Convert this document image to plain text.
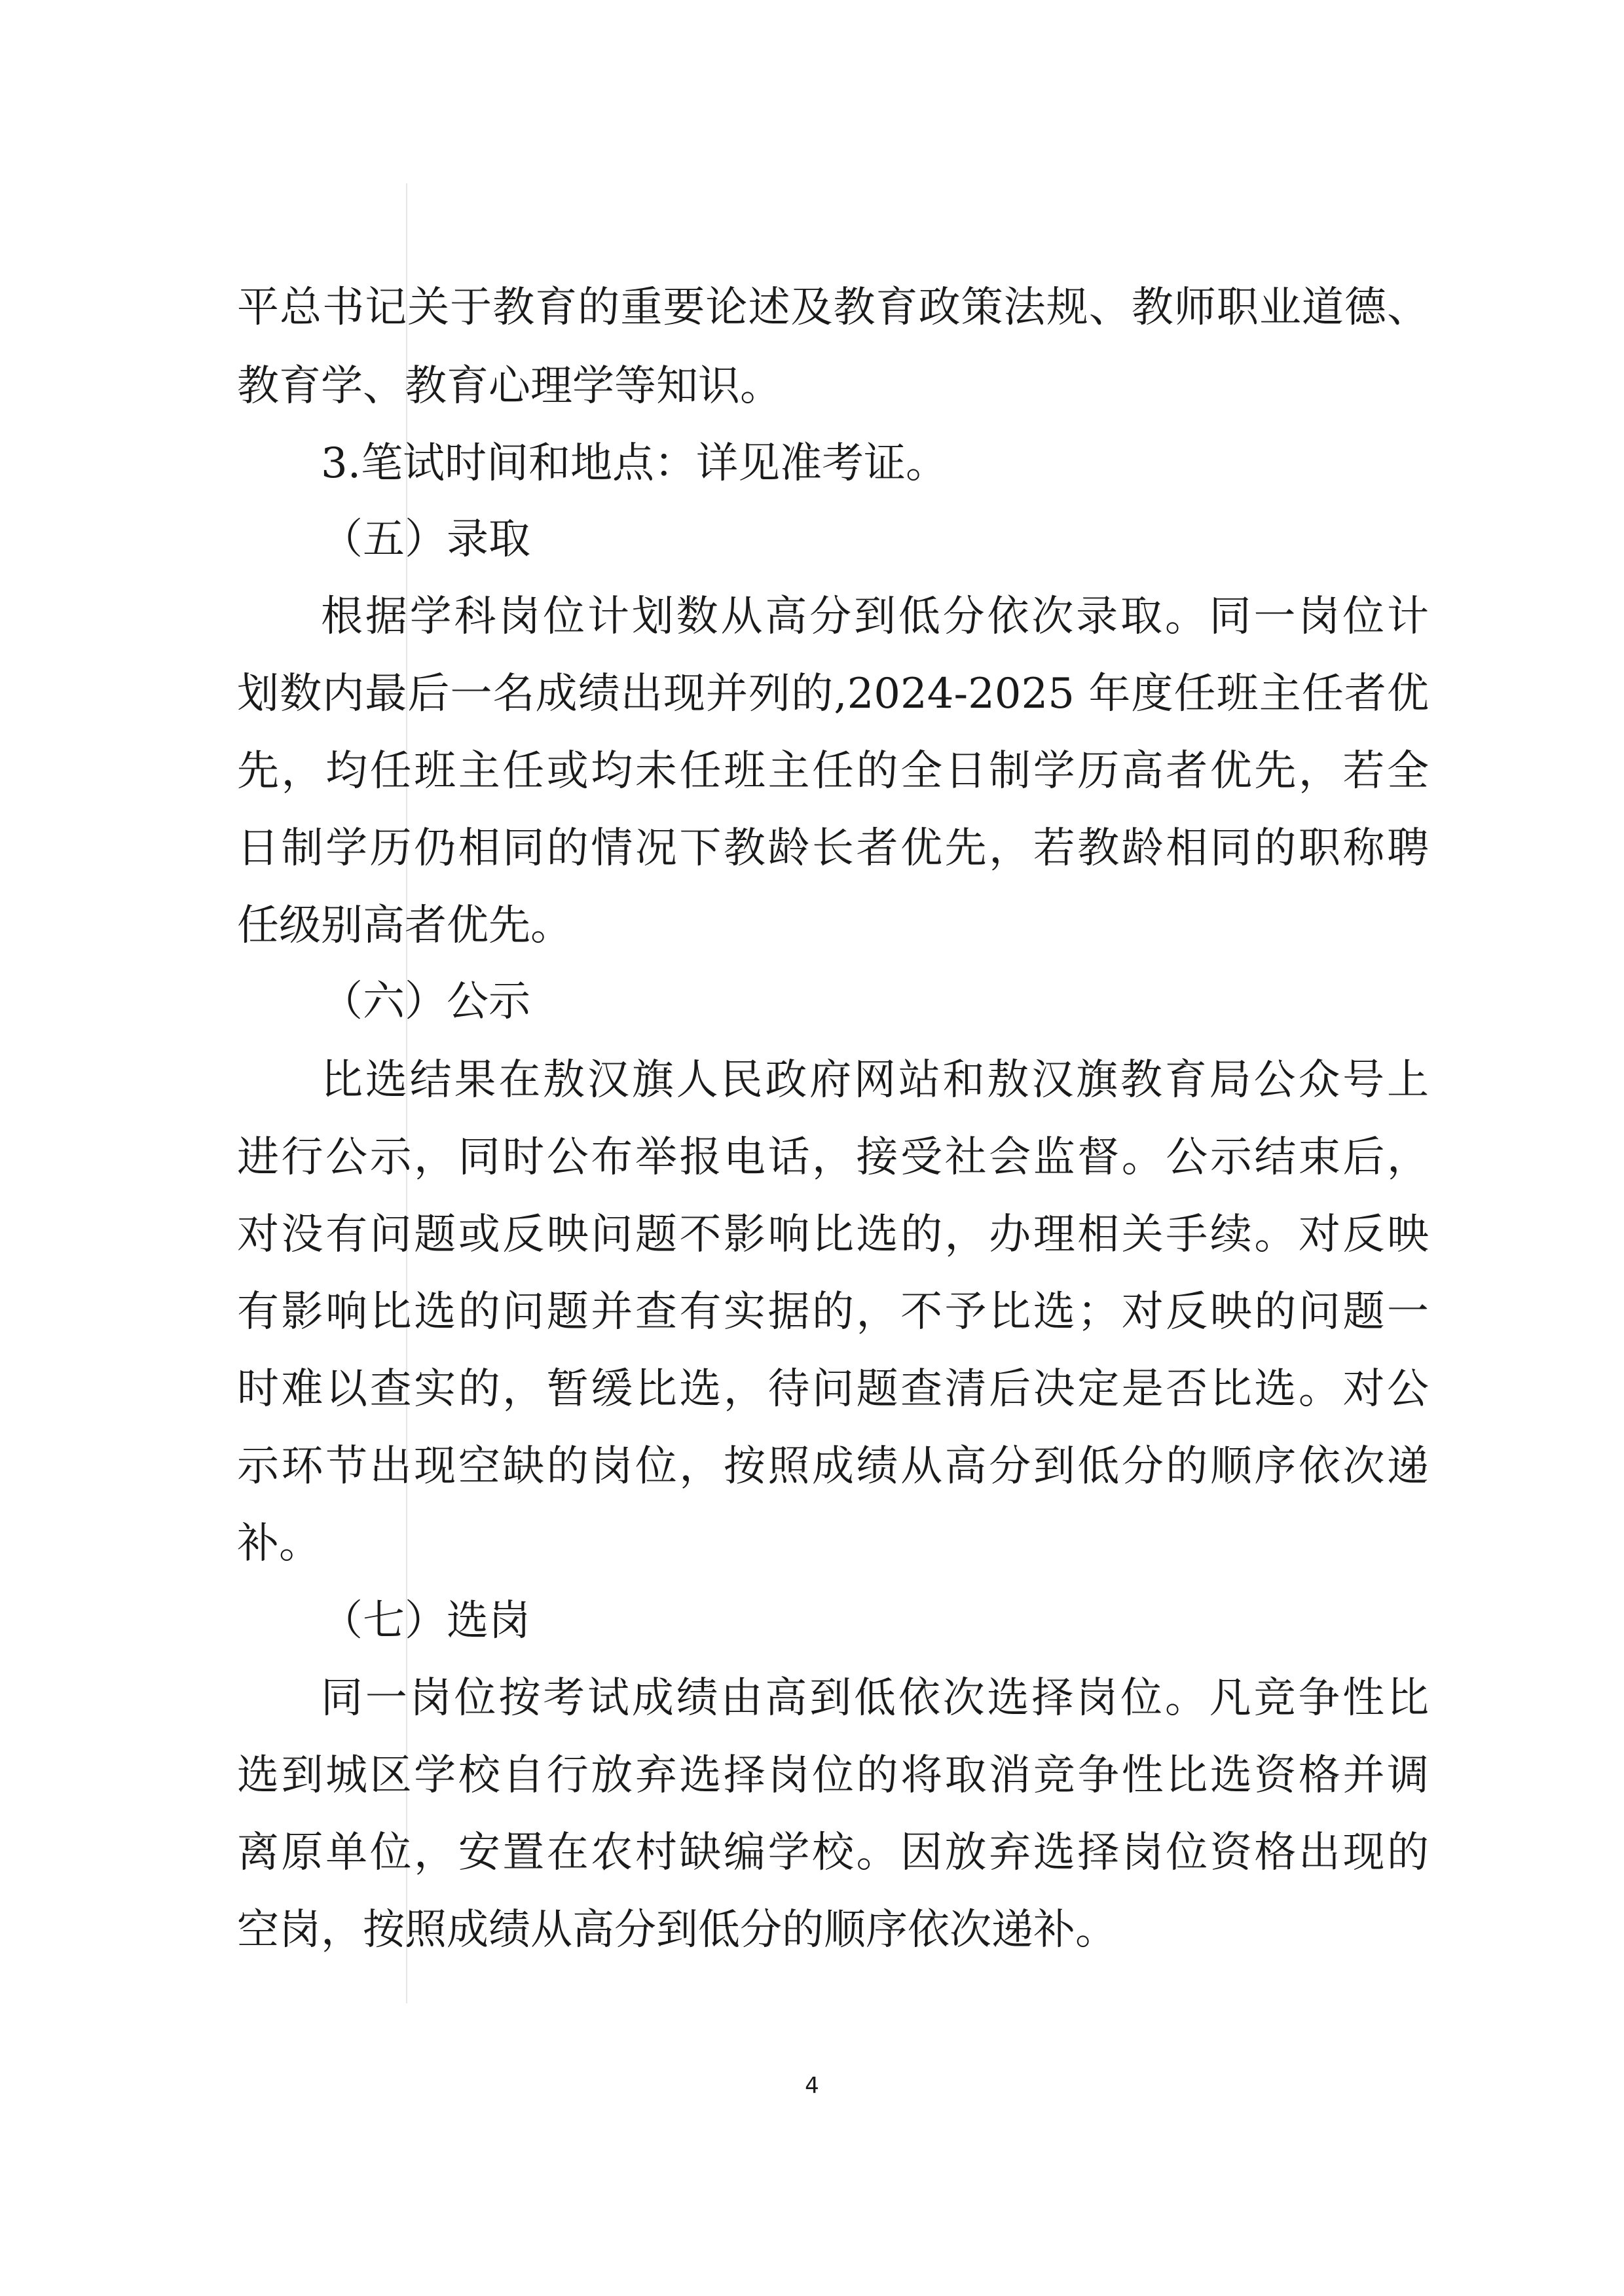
平总书记关于教育的重要论述及教育政策法规、教师职业道德、
教育学、教育心理学等知识。
3.笔试时间和地点：详见准考证。
（五）录取
根据学科岗位计划数从高分到低分依次录取。同一岗位计
划数内最后一名成绩出现并列的,2024-2025 年度任班主任者优
先，均任班主任或均未任班主任的全日制学历高者优先，若全
日制学历仍相同的情况下教龄长者优先，若教龄相同的职称聘
任级别高者优先。
（六）公示
比选结果在敖汉旗人民政府网站和敖汉旗教育局公众号上
进行公示，同时公布举报电话，接受社会监督。公示结束后，
对没有问题或反映问题不影响比选的，办理相关手续。对反映
有影响比选的问题并查有实据的，不予比选；对反映的问题一
时难以查实的，暂缓比选，待问题查清后决定是否比选。对公
示环节出现空缺的岗位，按照成绩从高分到低分的顺序依次递
补。
（七）选岗
同一岗位按考试成绩由高到低依次选择岗位。凡竞争性比
选到城区学校自行放弃选择岗位的将取消竞争性比选资格并调
离原单位，安置在农村缺编学校。因放弃选择岗位资格出现的
空岗，按照成绩从高分到低分的顺序依次递补。
4
